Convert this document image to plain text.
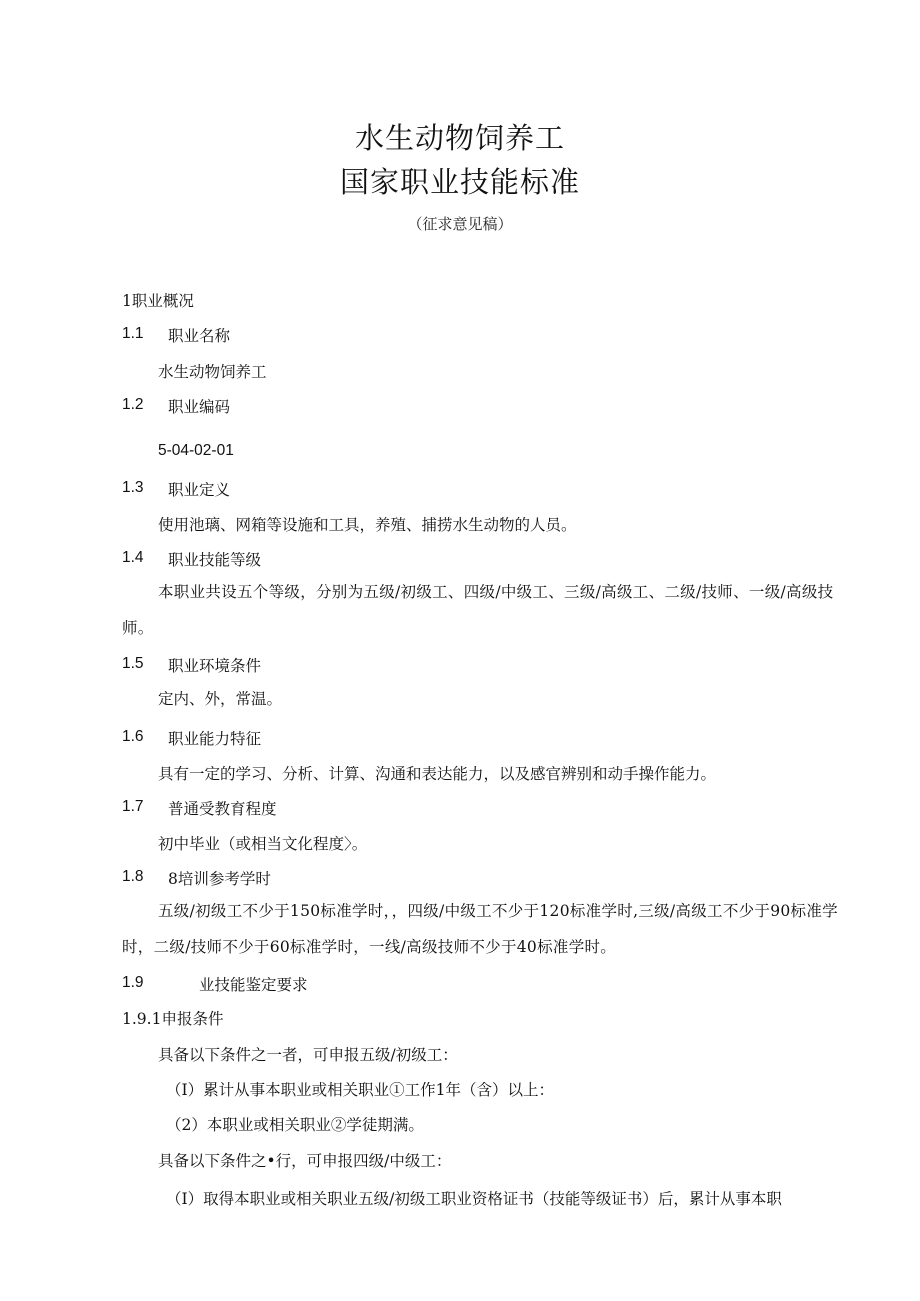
水生动物饲养工
国家职业技能标准
（征求意见稿）
1职业概况
1.1 职业名称
水生动物饲养工
1.2 职业编码
5-04-02-01
1.3 职业定义
使用池璃、网箱等设施和工具，养殖、捕捞水生动物的人员。
1.4 职业技能等级
本职业共设五个等级，分别为五级/初级工、四级/中级工、三级/高级工、二级/技师、一级/高级技师。
1.5 职业环境条件
定内、外，常温。
1.6 职业能力特征
具有一定的学习、分析、计算、沟通和表达能力，以及感官辨别和动手操作能力。
1.7 普通受教育程度
初中毕业（或相当文化程度〉。
1.8 8培训参考学时
五级/初级工不少于150标准学时，，四级/中级工不少于120标准学时,三级/高级工不少于90标准学时，二级/技师不少于60标准学时，一线/高级技师不少于40标准学时。
1.9	业技能鉴定要求
1.9.1申报条件
具备以下条件之一者，可申报五级/初级工：
（I）累计从事本职业或相关职业①工作1年（含）以上：
（2）本职业或相关职业②学徒期满。
具备以下条件之•行，可申报四级/中级工：
（I）取得本职业或相关职业五级/初级工职业资格证书（技能等级证书）后，累计从事本职
